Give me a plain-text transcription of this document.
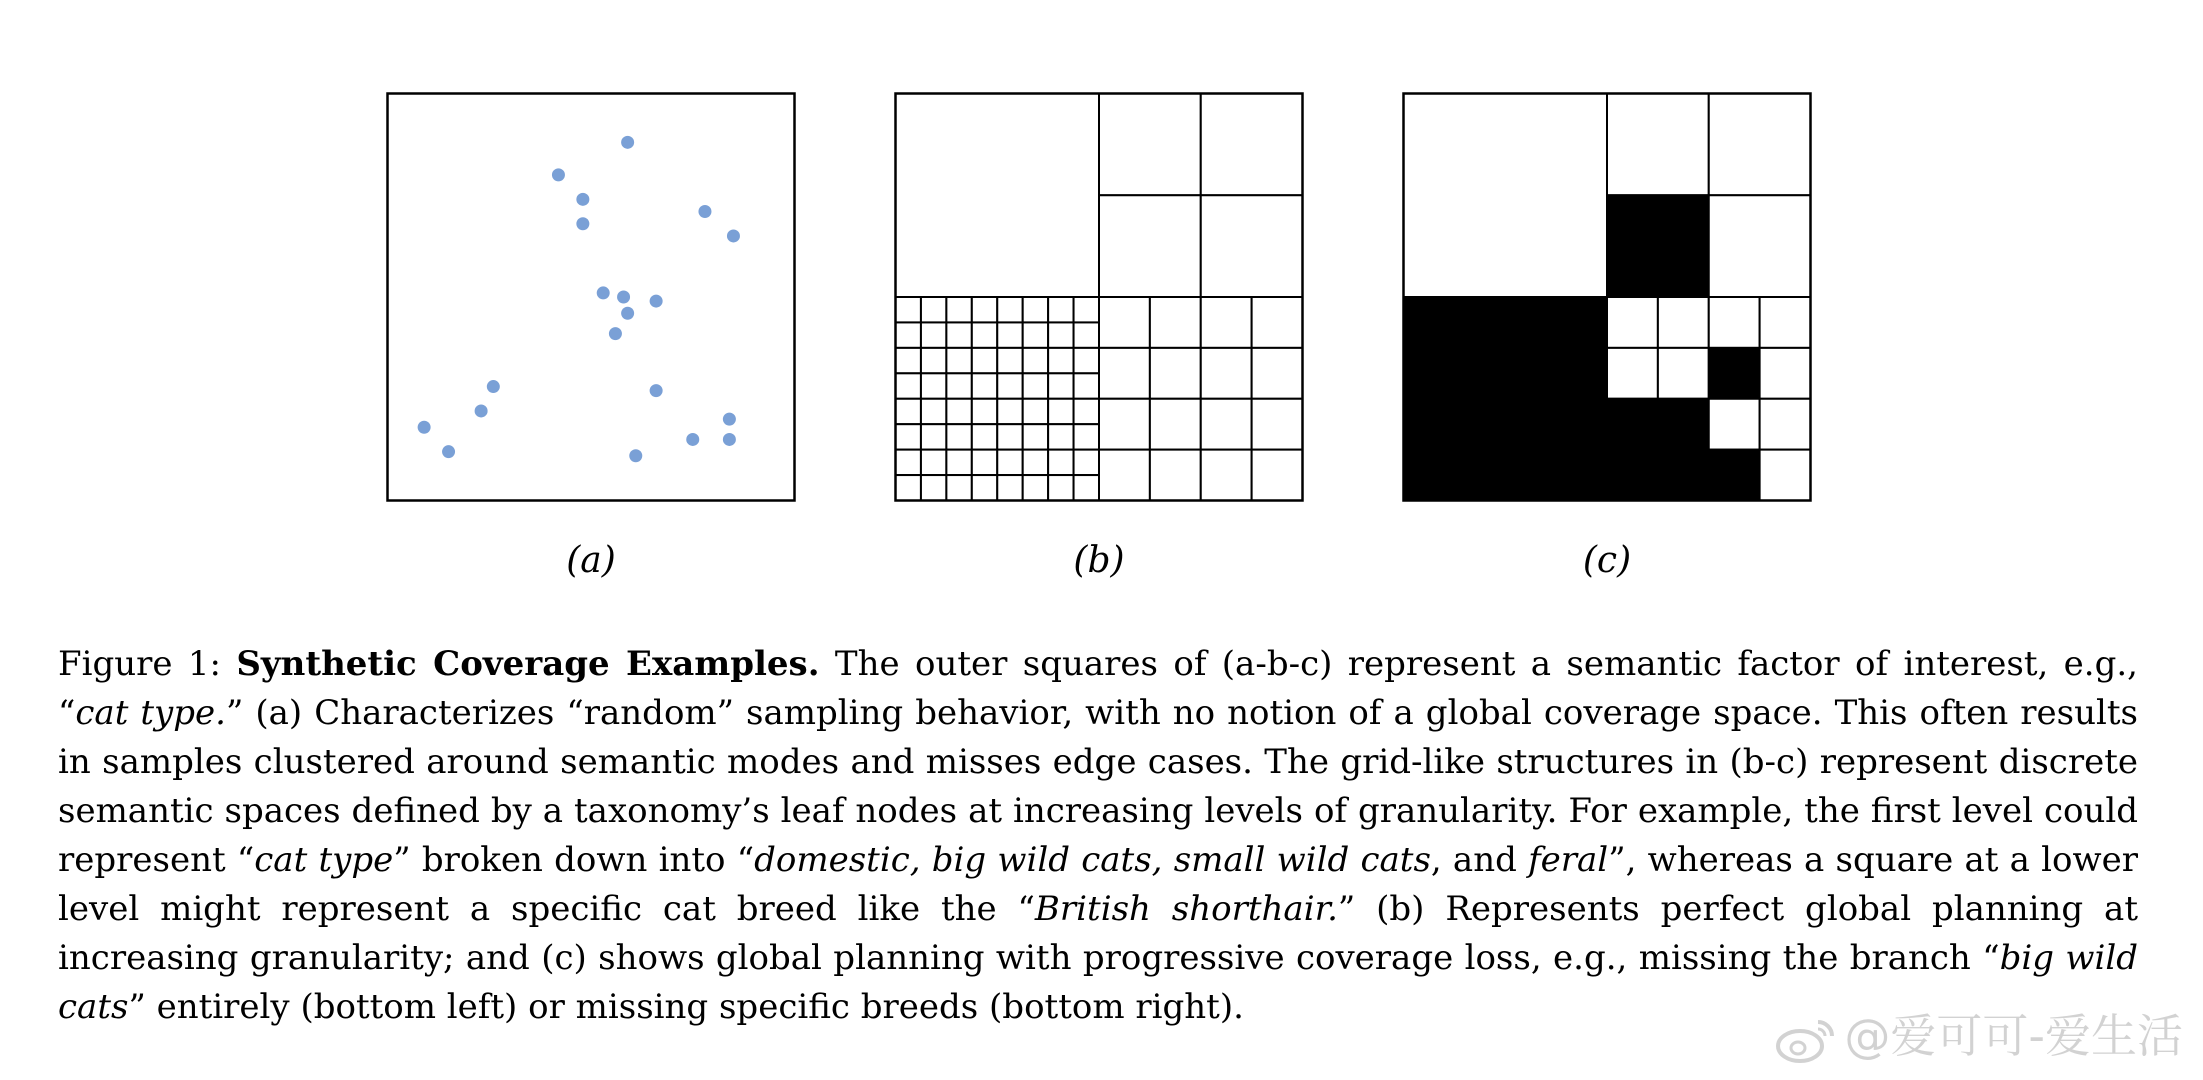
(a)	(b)	(c)
Figure 1: Synthetic Coverage Examples. The outer squares of (a-b-c) represent a semantic factor of interest, e.g., “cat type.” (a) Characterizes “random” sampling behavior, with no notion of a global coverage space. This often results in samples clustered around semantic modes and misses edge cases. The grid-like structures in (b-c) represent discrete semantic spaces defined by a taxonomy’s leaf nodes at increasing levels of granularity. For example, the first level could represent “cat type” broken down into “domestic, big wild cats, small wild cats, and feral”, whereas a square at a lower level might represent a specific cat breed like the “British shorthair.” (b) Represents perfect global planning at increasing granularity; and (c) shows global planning with progressive coverage loss, e.g., missing the branch “big wild cats” entirely (bottom left) or missing specific breeds (bottom right).
@爱可可-爱生活
